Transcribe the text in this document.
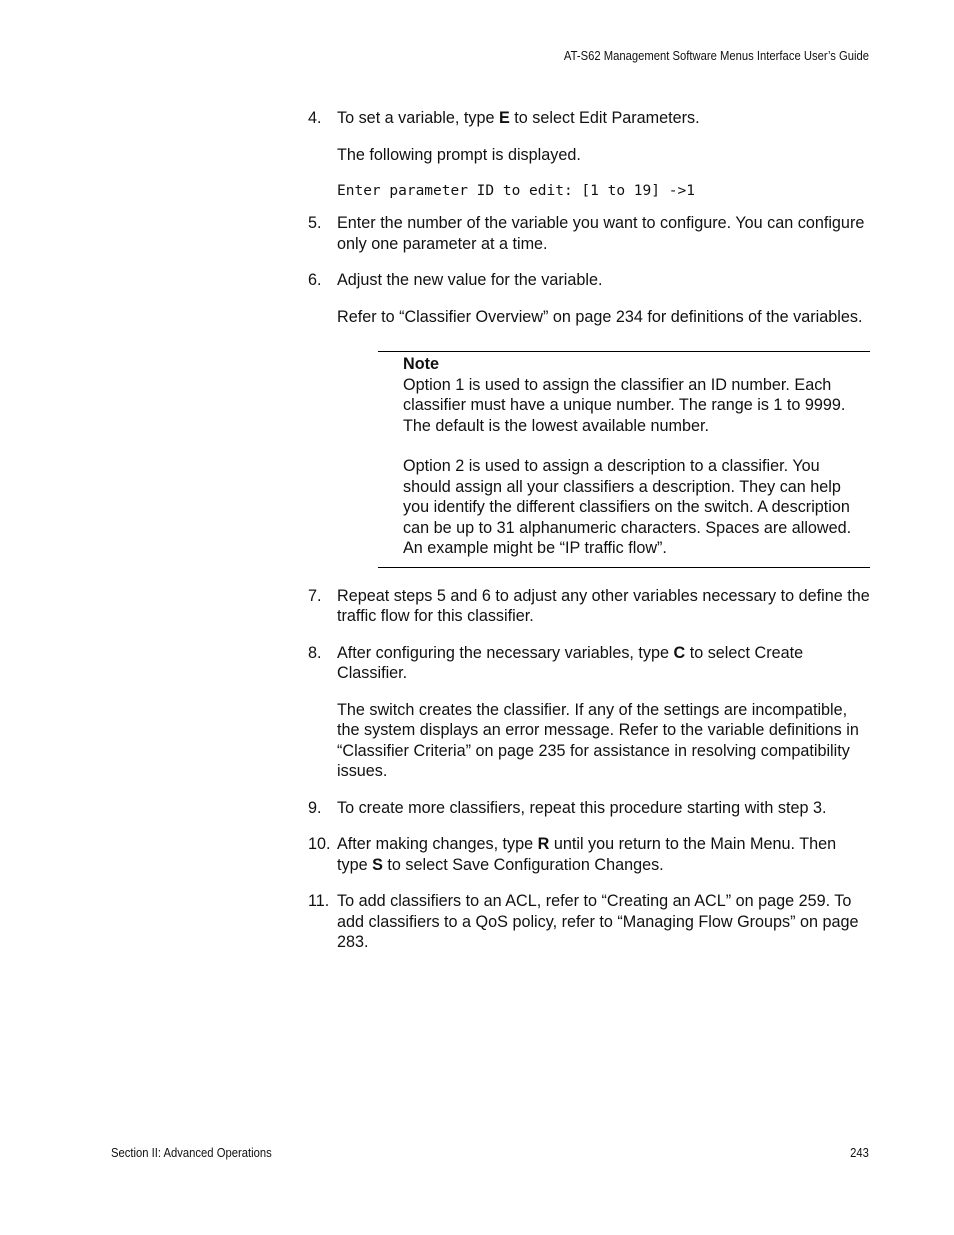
AT-S62 Management Software Menus Interface User’s Guide
4. To set a variable, type E to select Edit Parameters.
The following prompt is displayed.
Enter parameter ID to edit: [1 to 19] ->1
5. Enter the number of the variable you want to configure. You can configure only one parameter at a time.
6. Adjust the new value for the variable.
Refer to “Classifier Overview” on page 234 for definitions of the variables.
Note

Option 1 is used to assign the classifier an ID number. Each classifier must have a unique number. The range is 1 to 9999. The default is the lowest available number.

Option 2 is used to assign a description to a classifier. You should assign all your classifiers a description. They can help you identify the different classifiers on the switch. A description can be up to 31 alphanumeric characters. Spaces are allowed. An example might be “IP traffic flow”.

7. Repeat steps 5 and 6 to adjust any other variables necessary to define the traffic flow for this classifier.
8. After configuring the necessary variables, type C to select Create Classifier.
The switch creates the classifier. If any of the settings are incompatible, the system displays an error message. Refer to the variable definitions in “Classifier Criteria” on page 235 for assistance in resolving compatibility issues.
9. To create more classifiers, repeat this procedure starting with step 3.
10. After making changes, type R until you return to the Main Menu. Then type S to select Save Configuration Changes.
11. To add classifiers to an ACL, refer to “Creating an ACL” on page 259. To add classifiers to a QoS policy, refer to “Managing Flow Groups” on page 283.
Section II: Advanced Operations	243
